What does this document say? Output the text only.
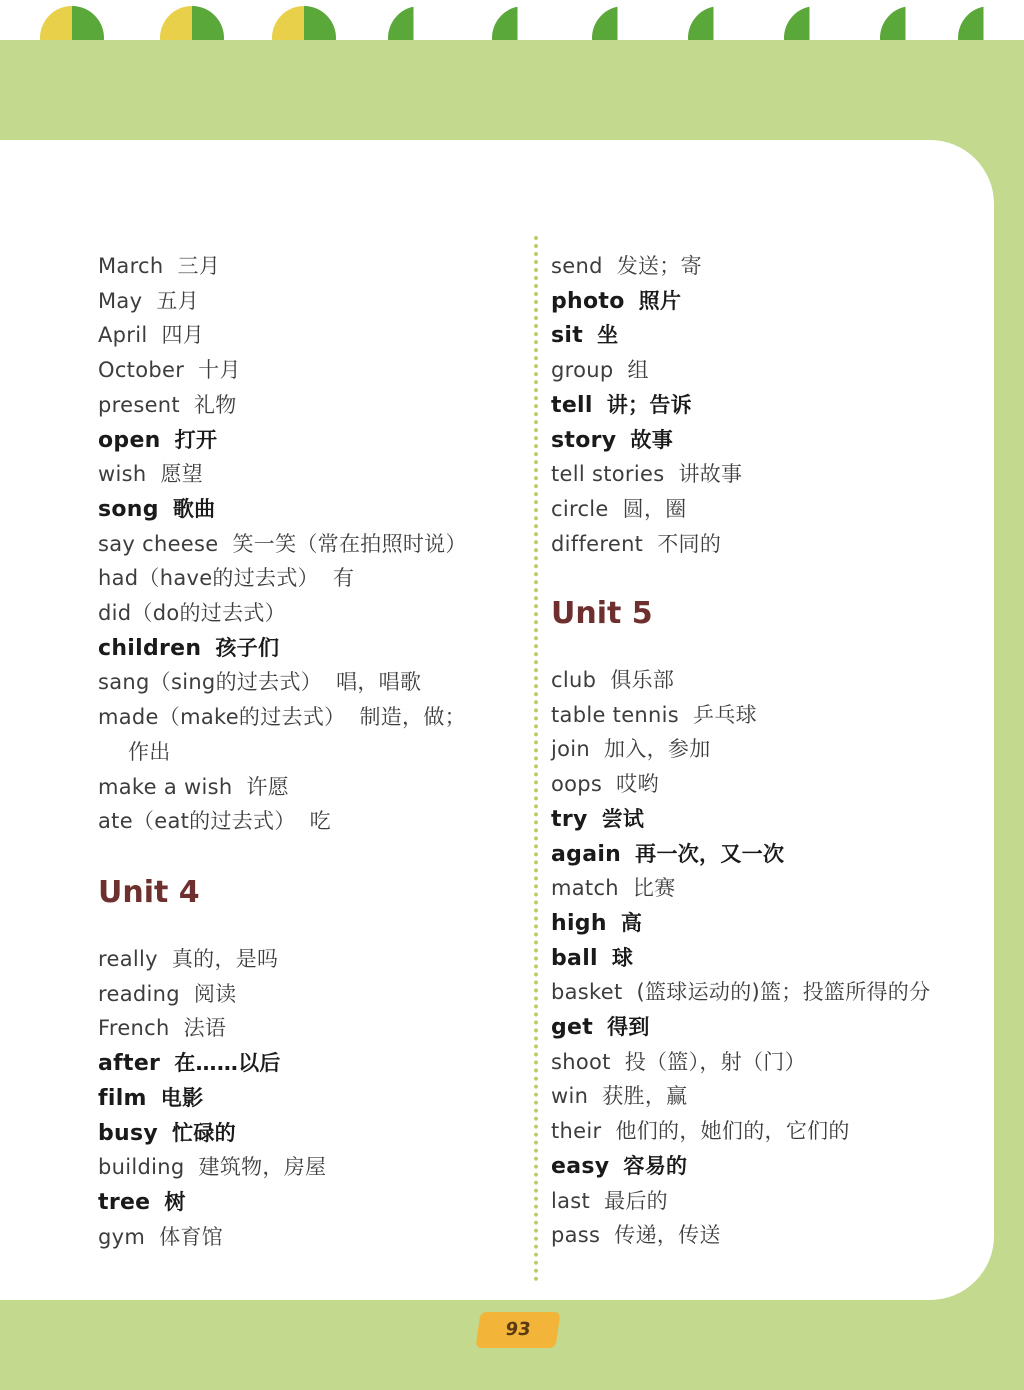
March 三月
May 五月
April 四月
October 十月
present 礼物
open 打开
wish 愿望
song 歌曲
say cheese 笑一笑（常在拍照时说）
had（have的过去式） 有
did（do的过去式）
children 孩子们
sang（sing的过去式） 唱，唱歌
made（make的过去式） 制造，做；
作出
make a wish 许愿
ate（eat的过去式） 吃
Unit 4
really 真的，是吗
reading 阅读
French 法语
after 在……以后
film 电影
busy 忙碌的
building 建筑物，房屋
tree 树
gym 体育馆
send 发送；寄
photo 照片
sit 坐
group 组
tell 讲；告诉
story 故事
tell stories 讲故事
circle 圆，圈
different 不同的
Unit 5
club 俱乐部
table tennis 乒乓球
join 加入，参加
oops 哎哟
try 尝试
again 再一次，又一次
match 比赛
high 高
ball 球
basket (篮球运动的)篮；投篮所得的分
get 得到
shoot 投（篮），射（门）
win 获胜，赢
their 他们的，她们的，它们的
easy 容易的
last 最后的
pass 传递，传送
93
